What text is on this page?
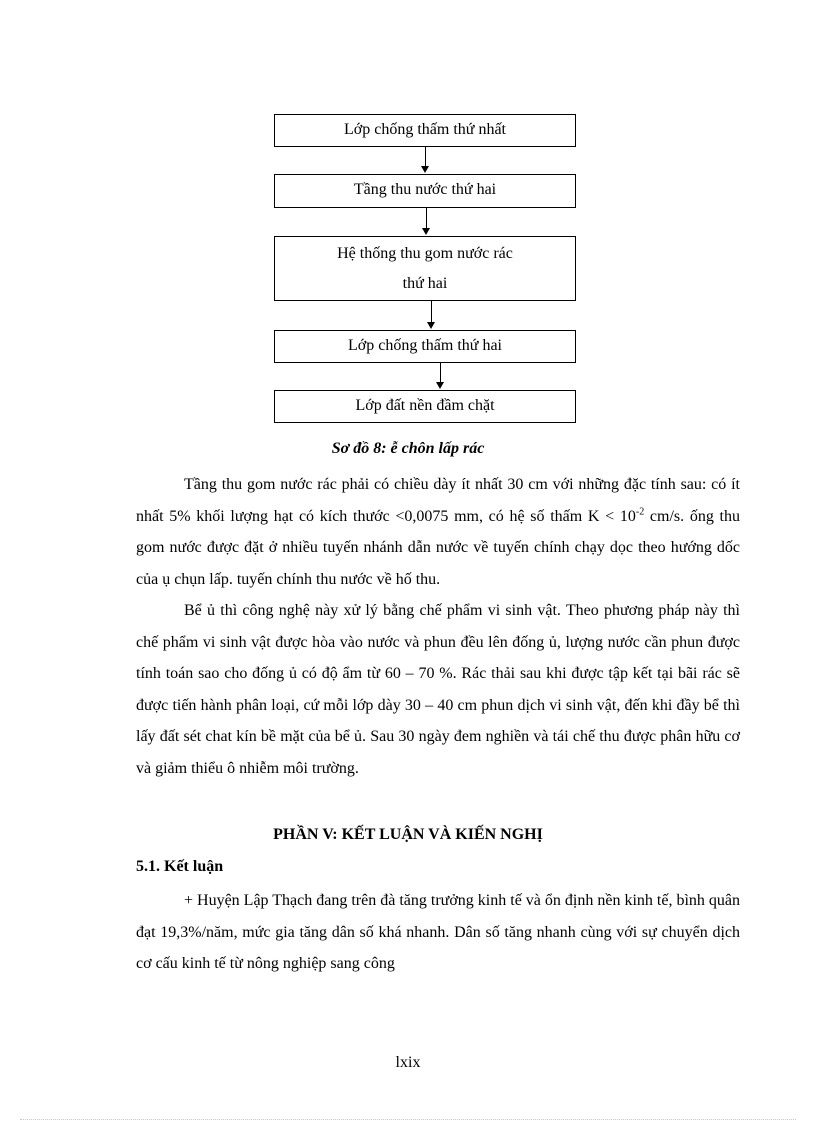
Lớp chống thấm thứ nhất
Tầng thu nước thứ hai
Hệ thống thu gom nước rác
thứ hai
Lớp chống thấm thứ hai
Lớp đất nền đầm chặt
Sơ đồ 8: ễ chôn lấp rác

Tầng thu gom nước rác phải có chiều dày ít nhất 30 cm với những đặc tính sau: có ít nhất 5% khối lượng hạt có kích thước <0,0075 mm, có hệ số thấm $K < 10^{-2}$ cm/s. ống thu gom nước được đặt ở nhiều tuyến nhánh dẫn nước về tuyến chính chạy dọc theo hướng dốc của ụ chụn lấp. tuyến chính thu nước về hố thu.

Bể ủ thì công nghệ này xử lý bằng chế phẩm vi sinh vật. Theo phương pháp này thì chế phẩm vi sinh vật được hòa vào nước và phun đều lên đống ủ, lượng nước cần phun được tính toán sao cho đống ủ có độ ẩm từ 60 – 70 %. Rác thải sau khi được tập kết tại bãi rác sẽ được tiến hành phân loại, cứ mỗi lớp dày 30 – 40 cm phun dịch vi sinh vật, đến khi đầy bể thì lấy đất sét chat kín bề mặt của bể ủ. Sau 30 ngày đem nghiền và tái chế thu được phân hữu cơ và giảm thiểu ô nhiễm môi trường.

PHẦN V: KẾT LUẬN VÀ KIẾN NGHỊ
5.1. Kết luận

+ Huyện Lập Thạch đang trên đà tăng trưởng kinh tế và ổn định nền kinh tế, bình quân đạt 19,3%/năm, mức gia tăng dân số khá nhanh. Dân số tăng nhanh cùng với sự chuyển dịch cơ cấu kinh tế từ nông nghiệp sang công

lxix
